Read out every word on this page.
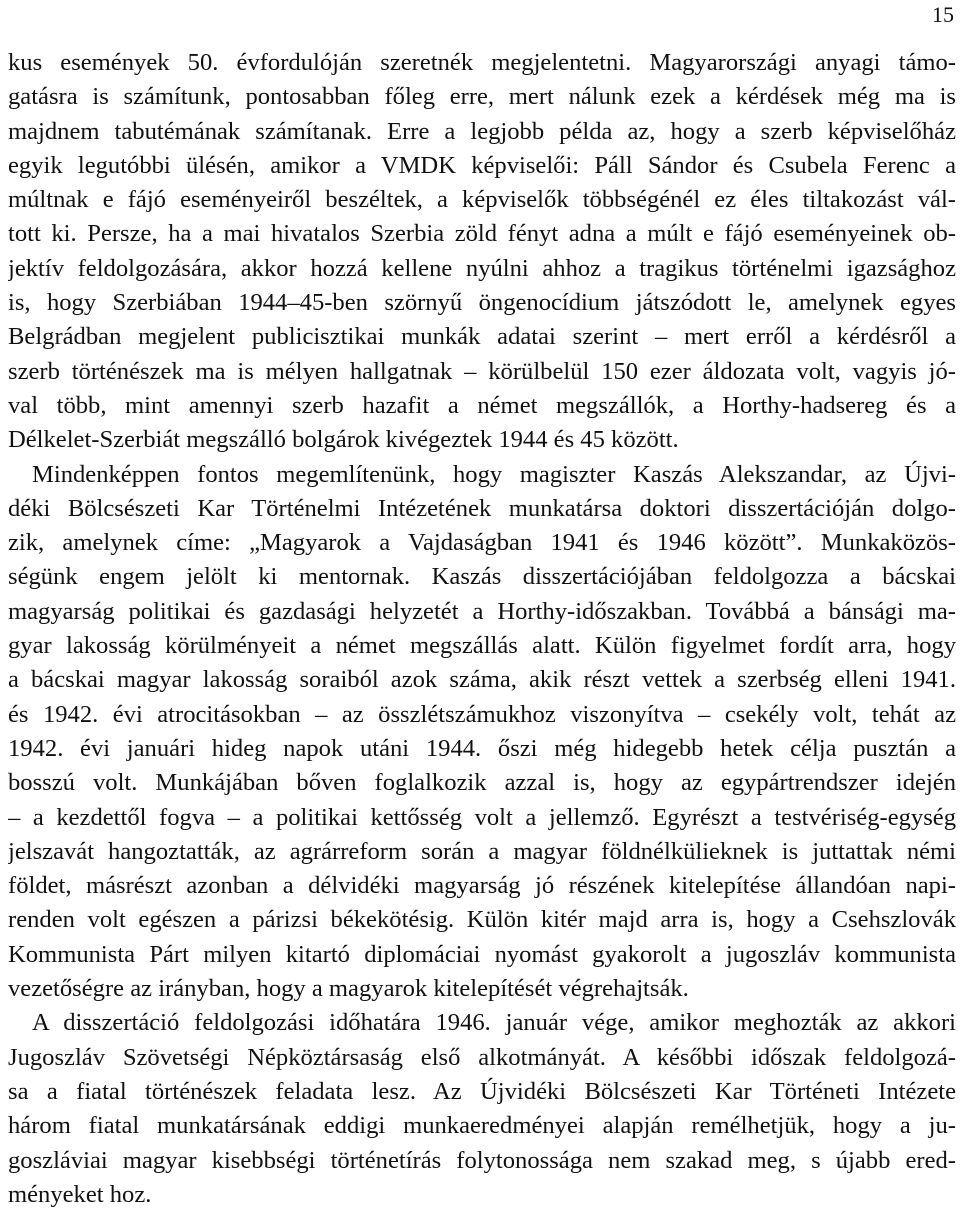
15
kus események 50. évfordulóján szeretnék megjelentetni. Magyarországi anyagi támo-
gatásra is számítunk, pontosabban főleg erre, mert nálunk ezek a kérdések még ma is
majdnem tabutémának számítanak. Erre a legjobb példa az, hogy a szerb képviselőház
egyik legutóbbi ülésén, amikor a VMDK képviselői: Páll Sándor és Csubela Ferenc a
múltnak e fájó eseményeiről beszéltek, a képviselők többségénél ez éles tiltakozást vál-
tott ki. Persze, ha a mai hivatalos Szerbia zöld fényt adna a múlt e fájó eseményeinek ob-
jektív feldolgozására, akkor hozzá kellene nyúlni ahhoz a tragikus történelmi igazsághoz
is, hogy Szerbiában 1944–45-ben szörnyű öngenocídium játszódott le, amelynek egyes
Belgrádban megjelent publicisztikai munkák adatai szerint – mert erről a kérdésről a
szerb történészek ma is mélyen hallgatnak – körülbelül 150 ezer áldozata volt, vagyis jó-
val több, mint amennyi szerb hazafit a német megszállók, a Horthy-hadsereg és a
Délkelet-Szerbiát megszálló bolgárok kivégeztek 1944 és 45 között.
Mindenképpen fontos megemlítenünk, hogy magiszter Kaszás Alekszandar, az Újvi-
déki Bölcsészeti Kar Történelmi Intézetének munkatársa doktori disszertációján dolgo-
zik, amelynek címe: „Magyarok a Vajdaságban 1941 és 1946 között”. Munkaközös-
ségünk engem jelölt ki mentornak. Kaszás disszertációjában feldolgozza a bácskai
magyarság politikai és gazdasági helyzetét a Horthy-időszakban. Továbbá a bánsági ma-
gyar lakosság körülményeit a német megszállás alatt. Külön figyelmet fordít arra, hogy
a bácskai magyar lakosság soraiból azok száma, akik részt vettek a szerbség elleni 1941.
és 1942. évi atrocitásokban – az összlétszámukhoz viszonyítva – csekély volt, tehát az
1942. évi januári hideg napok utáni 1944. őszi még hidegebb hetek célja pusztán a
bosszú volt. Munkájában bőven foglalkozik azzal is, hogy az egypártrendszer idején
– a kezdettől fogva – a politikai kettősség volt a jellemző. Egyrészt a testvériség-egység
jelszavát hangoztatták, az agrárreform során a magyar földnélkülieknek is juttattak némi
földet, másrészt azonban a délvidéki magyarság jó részének kitelepítése állandóan napi-
renden volt egészen a párizsi békekötésig. Külön kitér majd arra is, hogy a Csehszlovák
Kommunista Párt milyen kitartó diplomáciai nyomást gyakorolt a jugoszláv kommunista
vezetőségre az irányban, hogy a magyarok kitelepítését végrehajtsák.
A disszertáció feldolgozási időhatára 1946. január vége, amikor meghozták az akkori
Jugoszláv Szövetségi Népköztársaság első alkotmányát. A későbbi időszak feldolgozá-
sa a fiatal történészek feladata lesz. Az Újvidéki Bölcsészeti Kar Történeti Intézete
három fiatal munkatársának eddigi munkaeredményei alapján remélhetjük, hogy a ju-
goszláviai magyar kisebbségi történetírás folytonossága nem szakad meg, s újabb ered-
ményeket hoz.
